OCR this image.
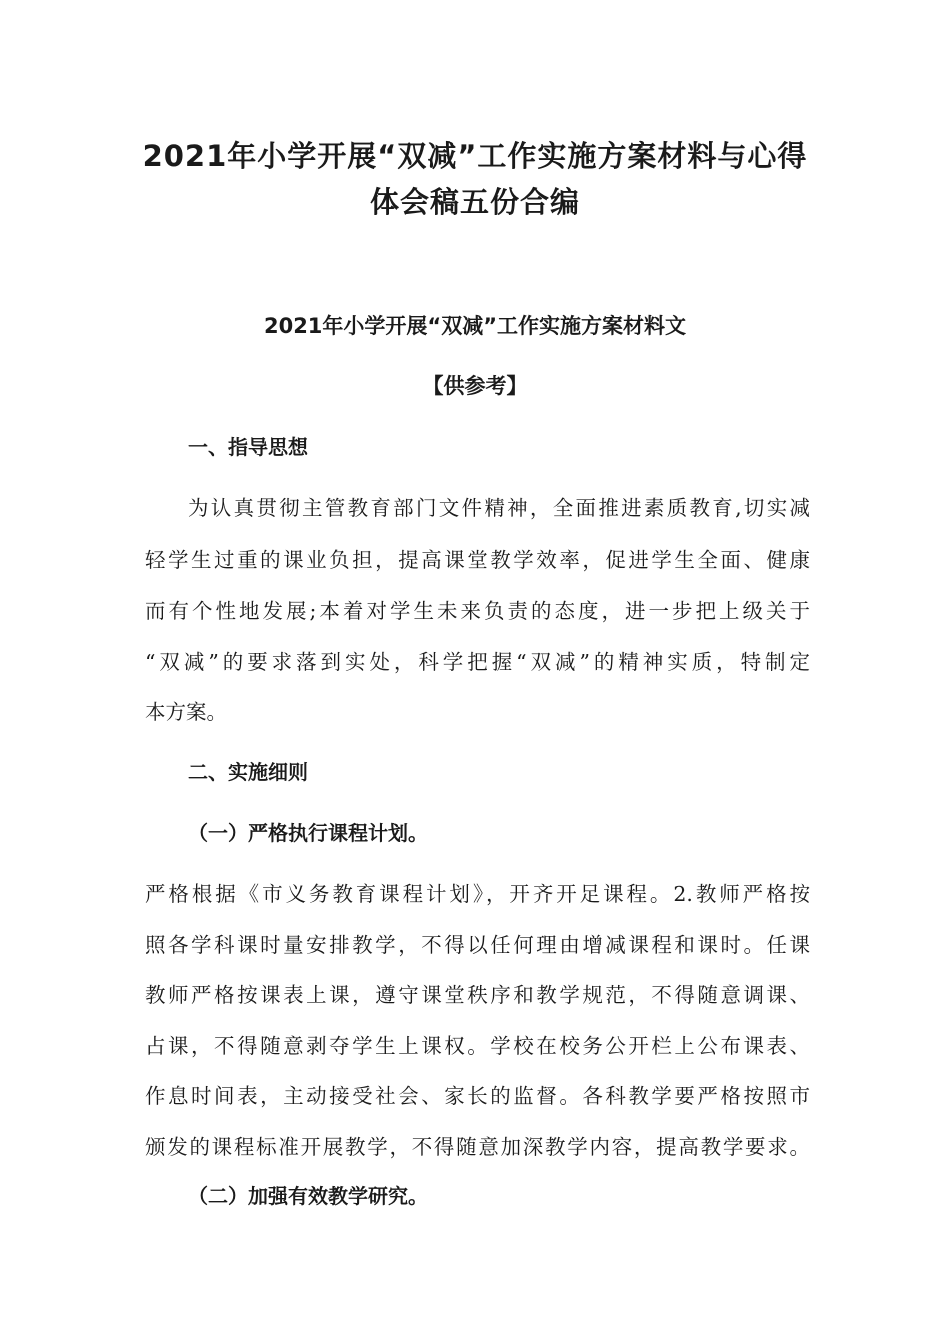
2021年小学开展“双减”工作实施方案材料与心得
体会稿五份合编
2021年小学开展“双减”工作实施方案材料文
【供参考】
一、指导思想
为认真贯彻主管教育部门文件精神，全面推进素质教育,切实减
轻学生过重的课业负担，提高课堂教学效率，促进学生全面、健康
而有个性地发展;本着对学生未来负责的态度，进一步把上级关于
“双减”的要求落到实处，科学把握“双减”的精神实质，特制定
本方案。
二、实施细则
（一）严格执行课程计划。
严格根据《市义务教育课程计划》，开齐开足课程。2.教师严格按
照各学科课时量安排教学，不得以任何理由增减课程和课时。任课
教师严格按课表上课，遵守课堂秩序和教学规范，不得随意调课、
占课，不得随意剥夺学生上课权。学校在校务公开栏上公布课表、
作息时间表，主动接受社会、家长的监督。各科教学要严格按照市
颁发的课程标准开展教学，不得随意加深教学内容，提高教学要求。
（二）加强有效教学研究。
